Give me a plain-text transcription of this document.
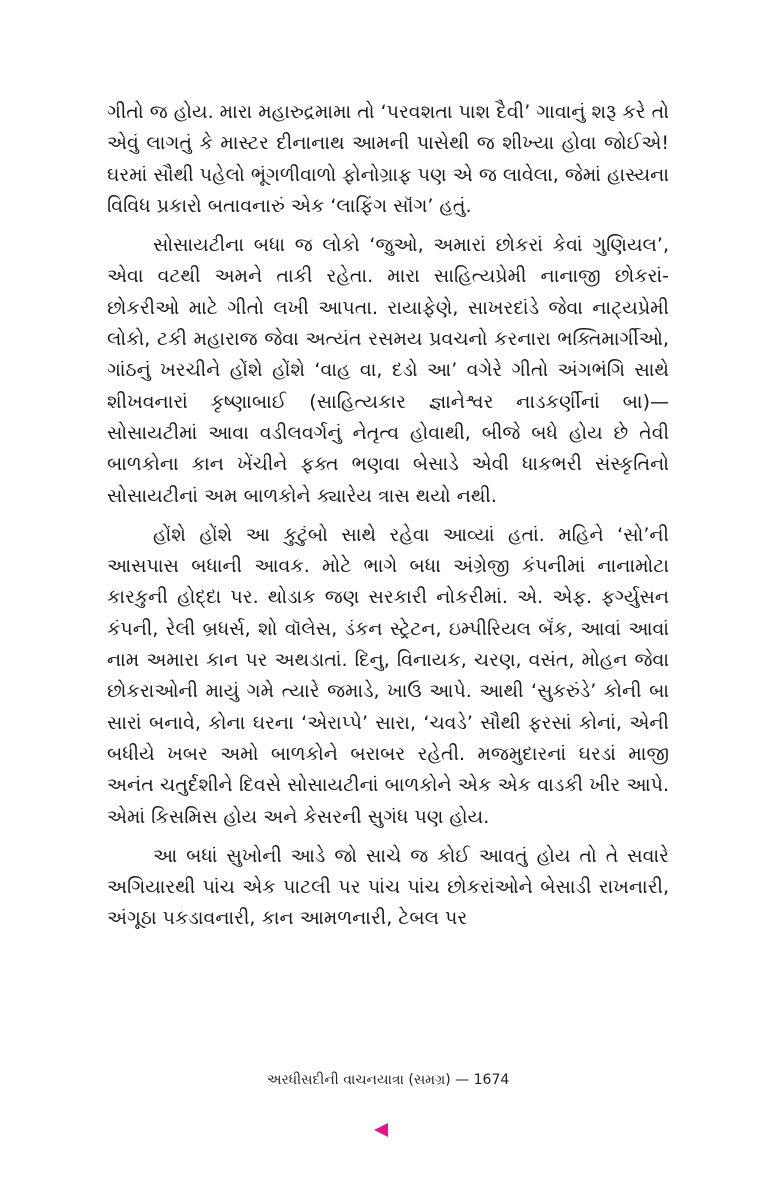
ગીતો જ હોય. મારા મહારુદ્રમામા તો ‘પરવશતા પાશ દૈવી’ ગાવાનું શરૂ કરે તો એવું લાગતું કે માસ્ટર દીનાનાથ આમની પાસેથી જ શીખ્યા હોવા જોઈએ! ઘરમાં સૌથી પહેલો ભૂંગળીવાળો ફોનોગ્રાફ પણ એ જ લાવેલા, જેમાં હાસ્યના વિવિધ પ્રકારો બતાવનારું એક ‘લાફિંગ સૉંગ’ હતું.

સોસાયટીના બધા જ લોકો ‘જુઓ, અમારાં છોકરાં કેવાં ગુણિયલ’, એવા વટથી અમને તાકી રહેતા. મારા સાહિત્યપ્રેમી નાનાજી છોકરાં-છોકરીઓ માટે ગીતો લખી આપતા. રાયાફેણે, સાખરદાંડે જેવા નાટ્યપ્રેમી લોકો, ટકી મહારાજ જેવા અત્યંત રસમય પ્રવચનો કરનારા ભક્તિમાર્ગીઓ, ગાંઠનું ખરચીને હોંશે હોંશે ‘વાહ વા, દડો આ’ વગેરે ગીતો અંગભંગિ સાથે શીખવનારાં કૃષ્ણાબાઈ (સાહિત્યકાર જ્ઞાનેશ્વર નાડકર્ણીનાં બા)—સોસાયટીમાં આવા વડીલવર્ગનું નેતૃત્વ હોવાથી, બીજે બધે હોય છે તેવી બાળકોના કાન ખેંચીને ફક્ત ભણવા બેસાડે એવી ધાકભરી સંસ્કૃતિનો સોસાયટીનાં અમ બાળકોને ક્યારેય ત્રાસ થયો નથી.

હોંશે હોંશે આ કુટુંબો સાથે રહેવા આવ્યાં હતાં. મહિને ‘સો’ની આસપાસ બધાની આવક. મોટે ભાગે બધા અંગ્રેજી કંપનીમાં નાનામોટા કારકુની હોદ્દા પર. થોડાક જણ સરકારી નોકરીમાં. એ. એફ. ફર્ગ્યુસન કંપની, રેલી બ્રધર્સ, શો વૉલેસ, ડંકન સ્ટ્રેટન, ઇમ્પીરિયલ બૅંક, આવાં આવાં નામ અમારા કાન પર અથડાતાં. દિનુ, વિનાયક, ચરણ, વસંત, મોહન જેવા છોકરાઓની માયું ગમે ત્યારે જમાડે, ખાઉ આપે. આથી ‘સુકરુંડે’ કોની બા સારાં બનાવે, કોના ઘરના ‘એરાપ્પે’ સારા, ‘ચવડે’ સૌથી ફરસાં કોનાં, એની બધીયે ખબર અમો બાળકોને બરાબર રહેતી. મજમુદારનાં ઘરડાં માજી અનંત ચતુર્દશીને દિવસે સોસાયટીનાં બાળકોને એક એક વાડકી ખીર આપે. એમાં કિસમિસ હોય અને કેસરની સુગંધ પણ હોય.

આ બધાં સુખોની આડે જો સાચે જ કોઈ આવતું હોય તો તે સવારે અગિયારથી પાંચ એક પાટલી પર પાંચ પાંચ છોકરાંઓને બેસાડી રાખનારી, અંગૂઠા પકડાવનારી, કાન આમળનારી, ટેબલ પર

અરધીસદીની વાચનયાત્રા (સમગ્ર) — 1674
